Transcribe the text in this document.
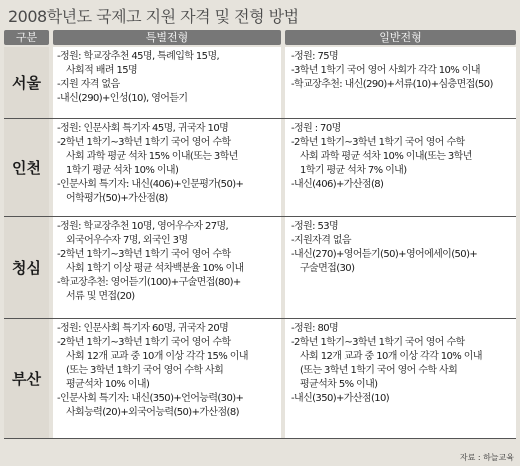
2008학년도 국제고 지원 자격 및 전형 방법
구분	특별전형	일반전형
서울
-정원: 학교장추천 45명, 특례입학 15명,
사회적 배려 15명
-지원 자격 없음
-내신(290)+인성(10), 영어듣기
-정원: 75명
-3학년 1학기 국어 영어 사회가 각각 10% 이내
-학교장추천: 내신(290)+서류(10)+심층면접(50)
인천
-정원: 인문사회 특기자 45명, 귀국자 10명
-2학년 1학기~3학년 1학기 국어 영어 수학
사회 과학 평균 석차 15% 이내(또는 3학년
1학기 평균 석차 10% 이내)
-인문사회 특기자: 내신(406)+인문평가(50)+
어학평가(50)+가산점(8)
-정원 : 70명
-2학년 1학기~3학년 1학기 국어 영어 수학
사회 과학 평균 석차 10% 이내(또는 3학년
1학기 평균 석차 7% 이내)
-내신(406)+가산점(8)
청심
-정원: 학교장추천 10명, 영어우수자 27명,
외국어우수자 7명, 외국인 3명
-2학년 1학기~3학년 1학기 국어 영어 수학
사회 1학기 이상 평균 석차백분율 10% 이내
-학교장추천: 영어듣기(100)+구술면접(80)+
서류 및 면접(20)
-정원: 53명
-지원자격 없음
-내신(270)+영어듣기(50)+영어에세이(50)+
구술면접(30)
부산
-정원: 인문사회 특기자 60명, 귀국자 20명
-2학년 1학기~3학년 1학기 국어 영어 수학
사회 12개 교과 중 10개 이상 각각 15% 이내
(또는 3학년 1학기 국어 영어 수학 사회
평균석차 10% 이내)
-인문사회 특기자: 내신(350)+언어능력(30)+
사회능력(20)+외국어능력(50)+가산점(8)
-정원: 80명
-2학년 1학기~3학년 1학기 국어 영어 수학
사회 12개 교과 중 10개 이상 각각 10% 이내
(또는 3학년 1학기 국어 영어 수학 사회
평균석차 5% 이내)
-내신(350)+가산점(10)
자료 : 하늘교육
